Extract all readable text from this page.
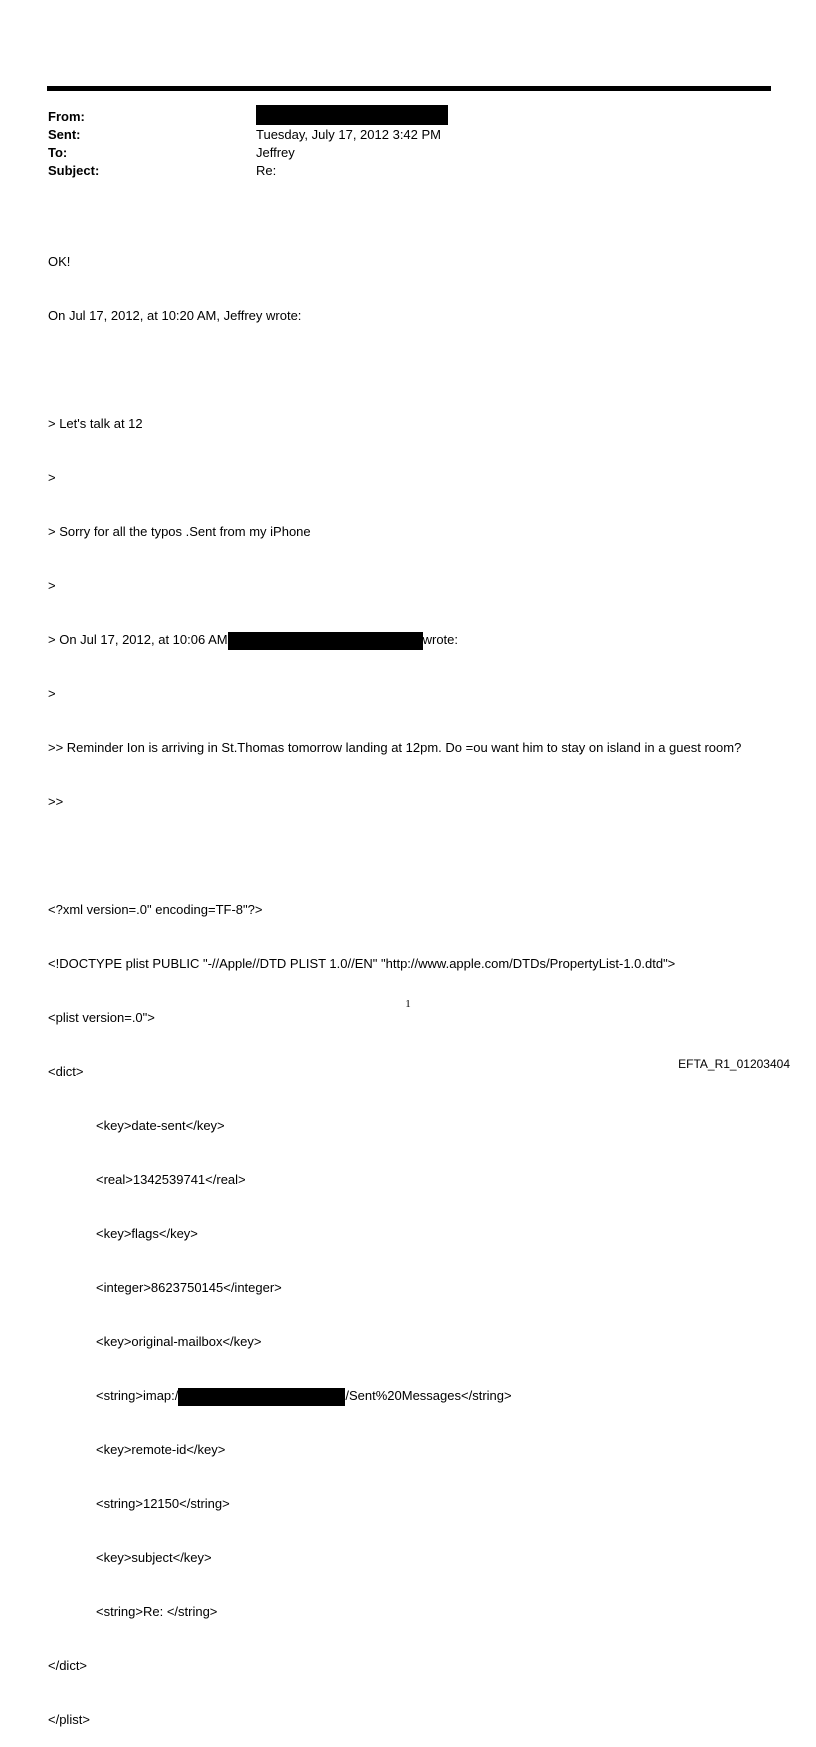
From:
Sent:	Tuesday, July 17, 2012 3:42 PM
To:	Jeffrey
Subject:	Re:

OK!

On Jul 17, 2012, at 10:20 AM, Jeffrey wrote:

> Let's talk at 12

>

> Sorry for all the typos .Sent from my iPhone

>

> On Jul 17, 2012, at 10:06 AM	wrote:

>

>> Reminder Ion is arriving in St.Thomas tomorrow landing at 12pm. Do =ou want him to stay on island in a guest room?

>>

<?xml version=.0" encoding=TF-8"?>

<!DOCTYPE plist PUBLIC "-//Apple//DTD PLIST 1.0//EN" "http://www.apple.com/DTDs/PropertyList-1.0.dtd">

<plist version=.0">

<dict>

<key>date-sent</key>

<real>1342539741</real>

<key>flags</key>

<integer>8623750145</integer>

<key>original-mailbox</key>

<string>imap:/	/Sent%20Messages</string>

<key>remote-id</key>

<string>12150</string>

<key>subject</key>

<string>Re: </string>

</dict>

</plist>

1
EFTA_R1_01203404
